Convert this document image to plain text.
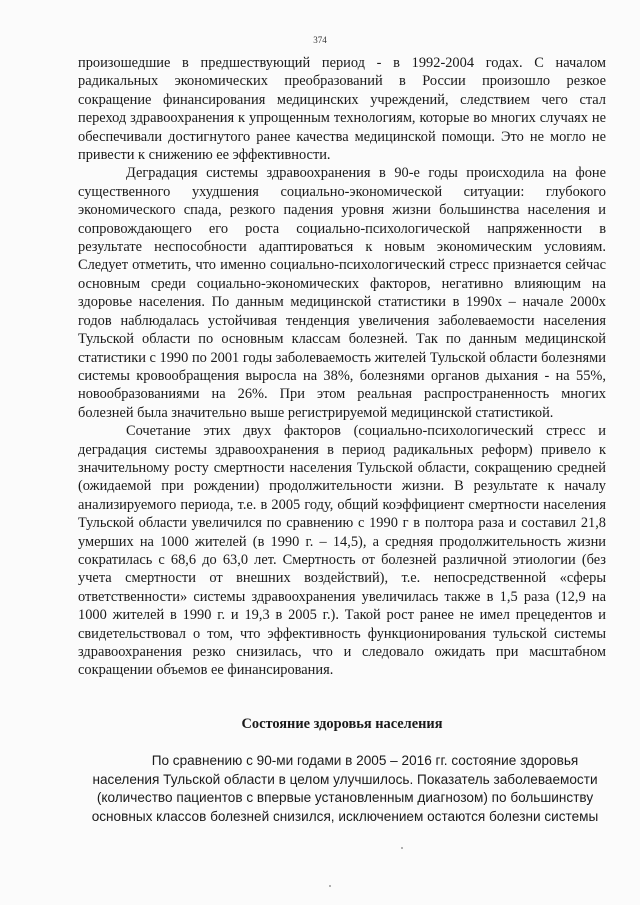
374

произошедшие в предшествующий период - в 1992-2004 годах. С началом радикальных экономических преобразований в России произошло резкое сокращение финансирования медицинских учреждений, следствием чего стал переход здравоохранения к упрощенным технологиям, которые во многих случаях не обеспечивали достигнутого ранее качества медицинской помощи. Это не могло не привести к снижению ее эффективности.

Деградация системы здравоохранения в 90-е годы происходила на фоне существенного ухудшения социально-экономической ситуации: глубокого экономического спада, резкого падения уровня жизни большинства населения и сопровождающего его роста социально-психологической напряженности в результате неспособности адаптироваться к новым экономическим условиям. Следует отметить, что именно социально-психологический стресс признается сейчас основным среди социально-экономических факторов, негативно влияющим на здоровье населения. По данным медицинской статистики в 1990х – начале 2000х годов наблюдалась устойчивая тенденция увеличения заболеваемости населения Тульской области по основным классам болезней. Так по данным медицинской статистики с 1990 по 2001 годы заболеваемость жителей Тульской области болезнями системы кровообращения выросла на 38%, болезнями органов дыхания - на 55%, новообразованиями на 26%. При этом реальная распространенность многих болезней была значительно выше регистрируемой медицинской статистикой.

Сочетание этих двух факторов (социально-психологический стресс и деградация системы здравоохранения в период радикальных реформ) привело к значительному росту смертности населения Тульской области, сокращению средней (ожидаемой при рождении) продолжительности жизни. В результате к началу анализируемого периода, т.е. в 2005 году, общий коэффициент смертности населения Тульской области увеличился по сравнению с 1990 г в полтора раза и составил 21,8 умерших на 1000 жителей (в 1990 г. – 14,5), а средняя продолжительность жизни сократилась с 68,6 до 63,0 лет. Смертность от болезней различной этиологии (без учета смертности от внешних воздействий), т.е. непосредственной «сферы ответственности» системы здравоохранения увеличилась также в 1,5 раза (12,9 на 1000 жителей в 1990 г. и 19,3 в 2005 г.). Такой рост ранее не имел прецедентов и свидетельствовал о том, что эффективность функционирования тульской системы здравоохранения резко снизилась, что и следовало ожидать при масштабном сокращении объемов ее финансирования.

Состояние здоровья населения

По сравнению с 90-ми годами в 2005 – 2016 гг. состояние здоровья

населения Тульской области в целом улучшилось. Показатель заболеваемости

(количество пациентов с впервые установленным диагнозом) по большинству

основных классов болезней снизился, исключением остаются болезни системы
